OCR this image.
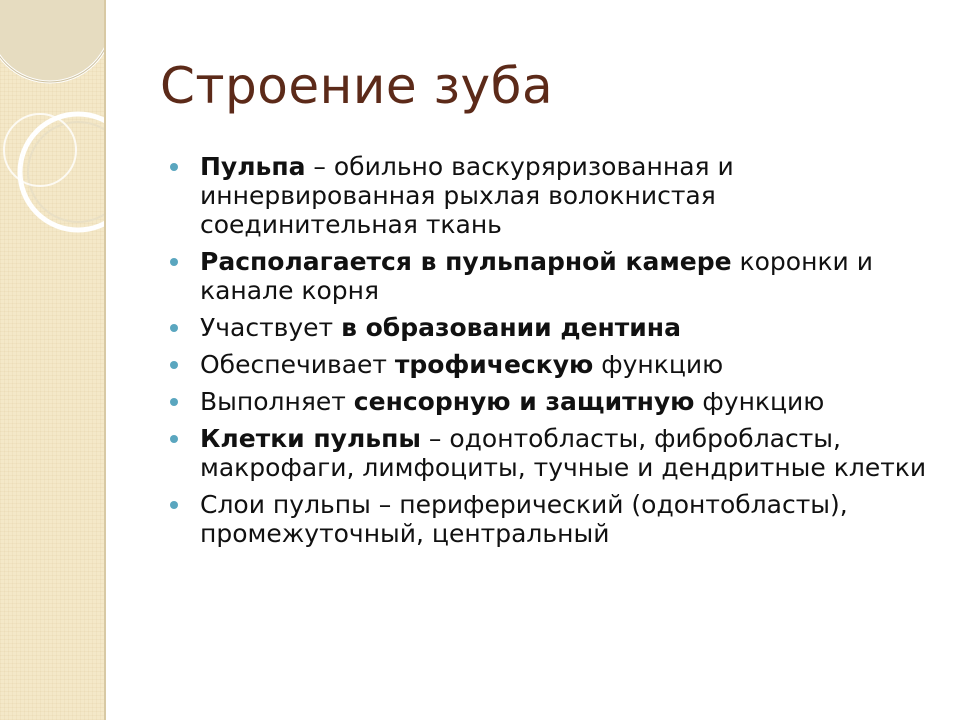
Строение зуба
Пульпа – обильно васкуряризованная и иннервированная рыхлая волокнистая соединительная ткань
Располагается в пульпарной камере коронки и канале корня
Участвует в образовании дентина
Обеспечивает трофическую функцию
Выполняет сенсорную и защитную функцию
Клетки пульпы – одонтобласты, фибробласты, макрофаги, лимфоциты, тучные и дендритные клетки
Слои пульпы – периферический (одонтобласты), промежуточный, центральный
